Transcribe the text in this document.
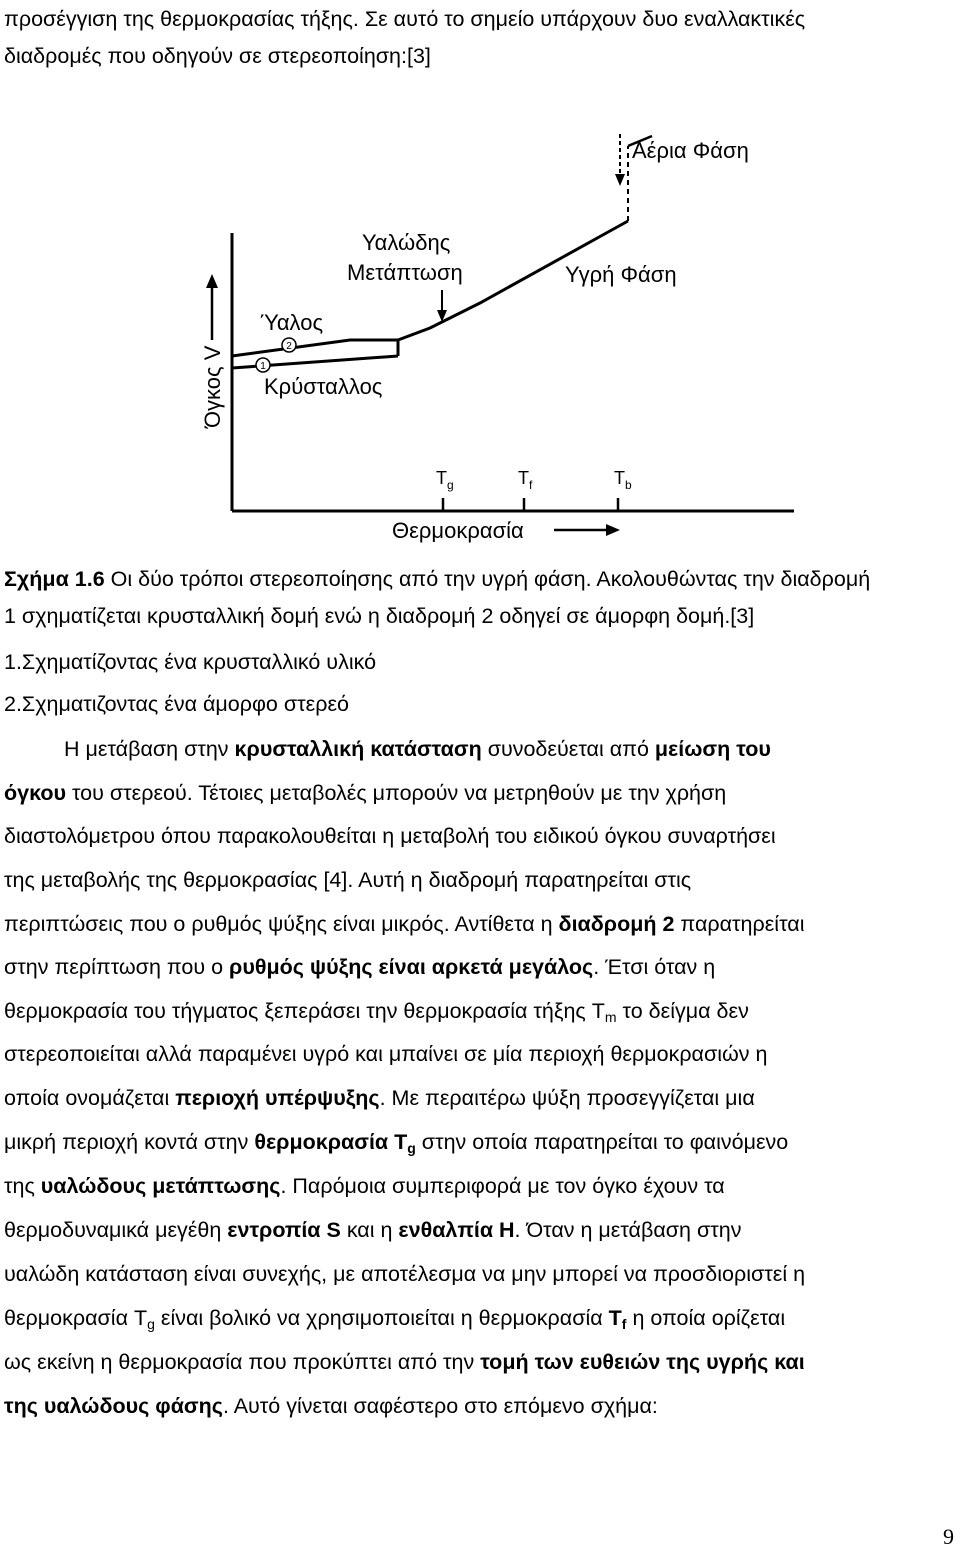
προσέγγιση της θερμοκρασίας τήξης. Σε αυτό το σημείο υπάρχουν δυο εναλλακτικές
διαδρομές που οδηγούν σε στερεοποίηση:[3]
Όγκος V
Θερμοκρασία
1
2
Αέρια Φάση
Υαλώδης
Μετάπτωση	Υγρή Φάση
Ύαλος
Κρύσταλλος
$T_g$	$T_f$	$T_b$
Σχήμα 1.6 Οι δύο τρόποι στερεοποίησης από την υγρή φάση. Ακολουθώντας την διαδρομή
1 σχηματίζεται κρυσταλλική δομή ενώ η διαδρομή 2 οδηγεί σε άμορφη δομή.[3]
1.Σχηματίζοντας ένα κρυσταλλικό υλικό
2.Σχηματιζοντας ένα άμορφο στερεό
Η μετάβαση στην κρυσταλλική κατάσταση συνοδεύεται από μείωση του
όγκου του στερεού. Τέτοιες μεταβολές μπορούν να μετρηθούν με την χρήση
διαστολόμετρου όπου παρακολουθείται η μεταβολή του ειδικού όγκου συναρτήσει
της μεταβολής της θερμοκρασίας [4]. Αυτή η διαδρομή παρατηρείται στις
περιπτώσεις που ο ρυθμός ψύξης είναι μικρός. Αντίθετα η διαδρομή 2 παρατηρείται
στην περίπτωση που ο ρυθμός ψύξης είναι αρκετά μεγάλος. Έτσι όταν η
θερμοκρασία του τήγματος ξεπεράσει την θερμοκρασία τήξης Tm το δείγμα δεν
στερεοποιείται αλλά παραμένει υγρό και μπαίνει σε μία περιοχή θερμοκρασιών η
οποία ονομάζεται περιοχή υπέρψυξης. Με περαιτέρω ψύξη προσεγγίζεται μια
μικρή περιοχή κοντά στην θερμοκρασία Tg στην οποία παρατηρείται το φαινόμενο
της υαλώδους μετάπτωσης. Παρόμοια συμπεριφορά με τον όγκο έχουν τα
θερμοδυναμικά μεγέθη εντροπία S και η ενθαλπία H. Όταν η μετάβαση στην
υαλώδη κατάσταση είναι συνεχής, με αποτέλεσμα να μην μπορεί να προσδιοριστεί η
θερμοκρασία Tg είναι βολικό να χρησιμοποιείται η θερμοκρασία Tf η οποία ορίζεται
ως εκείνη η θερμοκρασία που προκύπτει από την τομή των ευθειών της υγρής και
της υαλώδους φάσης. Αυτό γίνεται σαφέστερο στο επόμενο σχήμα:
9
